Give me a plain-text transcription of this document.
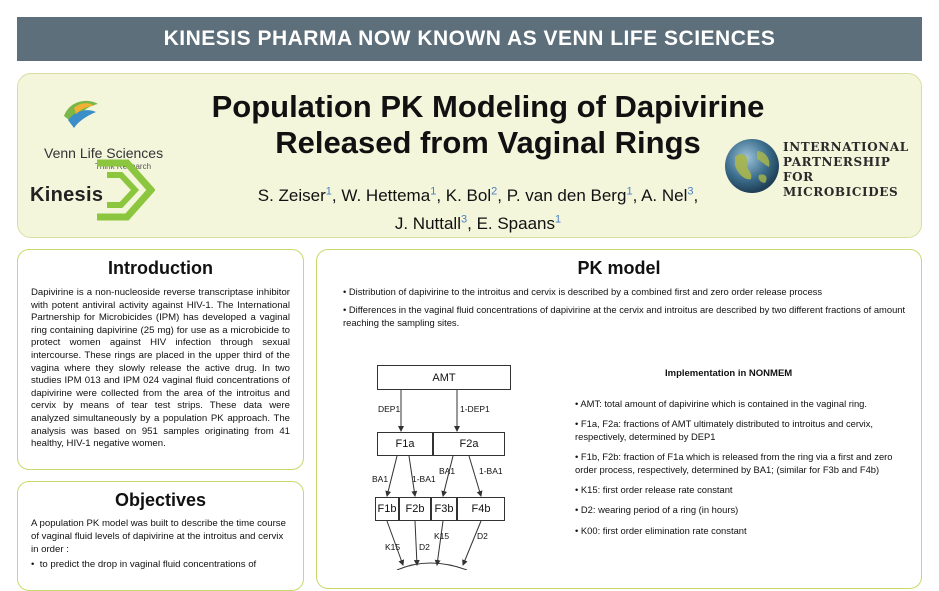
KINESIS PHARMA NOW KNOWN AS VENN LIFE SCIENCES
Venn Life Sciences
Think Research
Kinesis
Population PK Modeling of Dapivirine
Released from Vaginal Rings
S. Zeiser$^1$, W. Hettema$^1$, K. Bol$^2$, P. van den Berg$^1$, A. Nel$^3$,
J. Nuttall$^3$, E. Spaans$^1$
INTERNATIONAL
PARTNERSHIP FOR
MICROBICIDES
Introduction
Dapivirine is a non-nucleoside reverse transcriptase inhibitor with potent antiviral activity against HIV-1. The International Partnership for Microbicides (IPM) has developed a vaginal ring containing dapivirine (25 mg) for use as a microbicide to protect women against HIV infection through sexual intercourse. These rings are placed in the upper third of the vagina where they slowly release the active drug. In two studies IPM 013 and IPM 024 vaginal fluid concentrations of dapivirine were collected from the area of the introitus and cervix by means of tear test strips. These data were analyzed simultaneously by a population PK approach. The analysis was based on 951 samples originating from 41 healthy, HIV-1 negative women.
Objectives
A population PK model was built to describe the time course of vaginal fluid levels of dapivirine at the introitus and cervix in order :
•  to predict the drop in vaginal fluid concentrations of
PK model
• Distribution of dapivirine to the introitus and cervix is described by a combined first and zero order release process
• Differences in the vaginal fluid concentrations of dapivirine at the cervix and introitus are described by two different fractions of amount reaching the sampling sites.
Implementation in NONMEM
• AMT: total amount of dapivirine which is contained in the vaginal ring.
• F1a, F2a: fractions of AMT ultimately distributed to introitus and cervix, respectively, determined by DEP1
• F1b, F2b: fraction of F1a which is released from the ring via a first and zero order process, respectively, determined by BA1; (similar for F3b and F4b)
• K15: first order release rate constant
• D2: wearing period of a ring (in hours)
• K00: first order elimination rate constant
AMT
DEP1	1-DEP1
F1a	F2a
BA1	1-BA1
BA1	1-BA1
F1b F2b F3b	F4b
K15 D2
K15	D2
